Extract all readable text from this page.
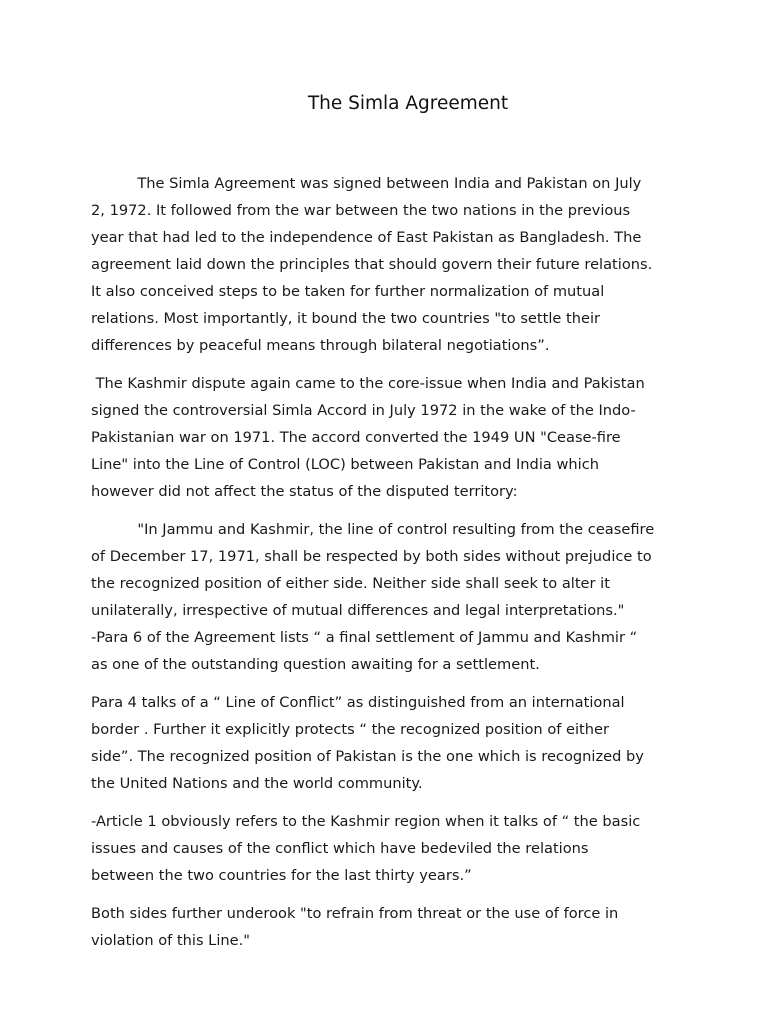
The Simla Agreement

The Simla Agreement was signed between India and Pakistan on July
2, 1972. It followed from the war between the two nations in the previous
year that had led to the independence of East Pakistan as Bangladesh. The
agreement laid down the principles that should govern their future relations.
It also conceived steps to be taken for further normalization of mutual
relations. Most importantly, it bound the two countries "to settle their
differences by peaceful means through bilateral negotiations”.

The Kashmir dispute again came to the core-issue when India and Pakistan
signed the controversial Simla Accord in July 1972 in the wake of the Indo-
Pakistanian war on 1971. The accord converted the 1949 UN "Cease-fire
Line" into the Line of Control (LOC) between Pakistan and India which
however did not affect the status of the disputed territory:

"In Jammu and Kashmir, the line of control resulting from the ceasefire
of December 17, 1971, shall be respected by both sides without prejudice to
the recognized position of either side. Neither side shall seek to alter it
unilaterally, irrespective of mutual differences and legal interpretations."
-Para 6 of the Agreement lists “ a final settlement of Jammu and Kashmir “
as one of the outstanding question awaiting for a settlement.

Para 4 talks of a “ Line of Conflict” as distinguished from an international
border . Further it explicitly protects “ the recognized position of either
side”. The recognized position of Pakistan is the one which is recognized by
the United Nations and the world community.

-Article 1 obviously refers to the Kashmir region when it talks of “ the basic
issues and causes of the conflict which have bedeviled the relations
between the two countries for the last thirty years.”

Both sides further underook "to refrain from threat or the use of force in
violation of this Line."
